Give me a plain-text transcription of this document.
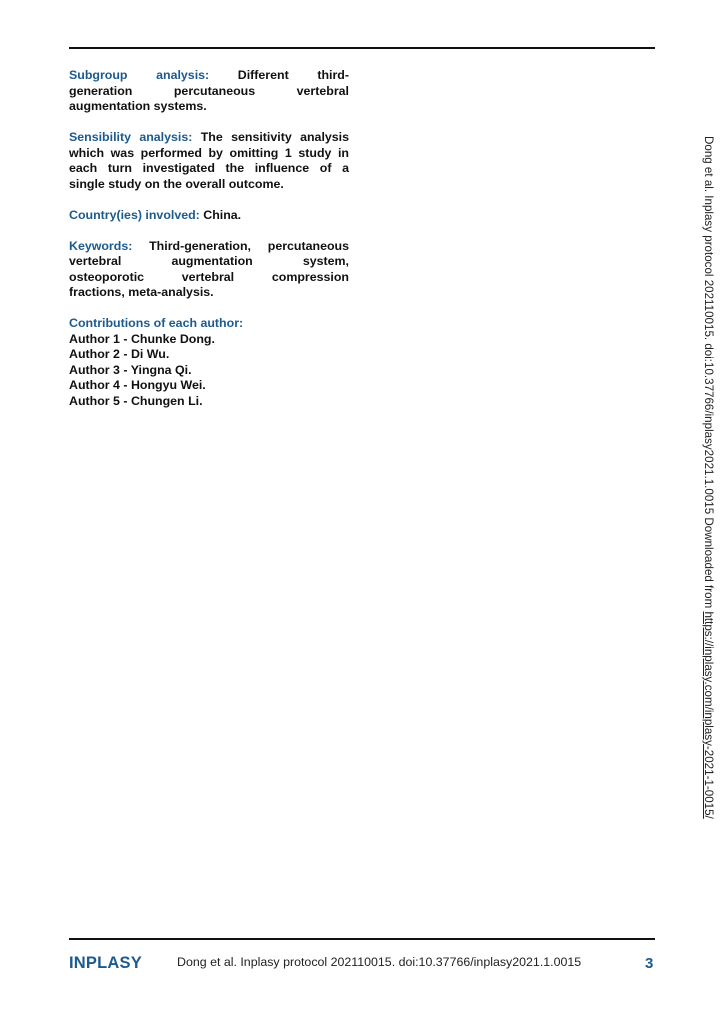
Subgroup analysis: Different third-
generation percutaneous vertebral
augmentation systems.

Sensibility analysis: The sensitivity analysis
which was performed by omitting 1 study in
each turn investigated the influence of a
single study on the overall outcome.

Country(ies) involved: China.

Keywords: Third-generation, percutaneous
vertebral augmentation system,
osteoporotic vertebral compression
fractions, meta-analysis.

Contributions of each author:
Author 1 - Chunke Dong.
Author 2 - Di Wu.
Author 3 - Yingna Qi.
Author 4 - Hongyu Wei.
Author 5 - Chungen Li.	Dong et al. Inplasy protocol 202110015. doi:10.37766/inplasy2021.1.0015 Downloaded from https://inplasy.com/inplasy-2021-1-0015/
INPLASY	Dong et al. Inplasy protocol 202110015. doi:10.37766/inplasy2021.1.0015	3
